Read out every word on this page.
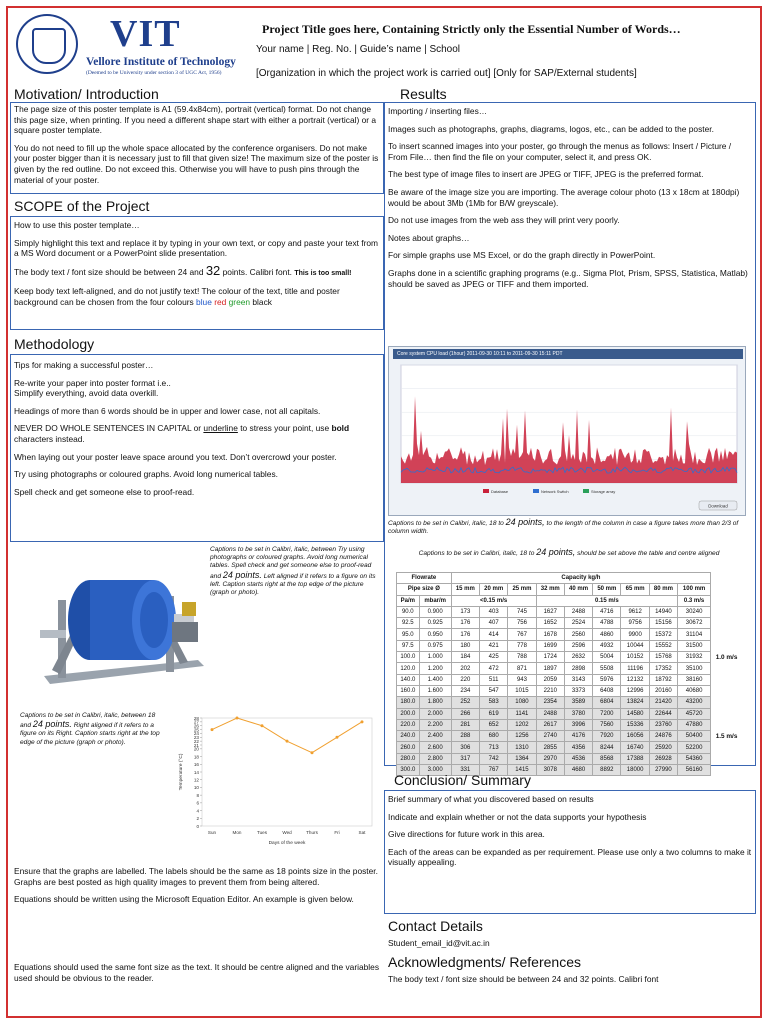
VIT
Vellore Institute of Technology
(Deemed to be University under section 3 of UGC Act, 1956)
Project Title goes here, Containing Strictly only the Essential Number of Words…
Your name | Reg. No. | Guide’s name | School
[Organization in which the project work is carried out] [Only for SAP/External students]
Motivation/ Introduction

The page size of this poster template is A1 (59.4x84cm), portrait (vertical) format. Do not change this page size, when printing. If you need a different shape start with either a portrait (vertical) or a square poster template.

You do not need to fill up the whole space allocated by the conference organisers. Do not make your poster bigger than it is necessary just to fill that given size! The maximum size of the poster is given by the red outline. Do not exceed this. Otherwise you will have to push pins through the material of your poster.

SCOPE of the Project

How to use this poster template…

Simply highlight this text and replace it by typing in your own text, or copy and paste your text from a MS Word document or a PowerPoint slide presentation.

The body text / font size should be between 24 and 32 points. Calibri font. This is too small!

Keep body text left-aligned, and do not justify text! The colour of the text, title and poster background can be chosen from the four colours blue red green black

Methodology

Tips for making a successful poster…

Re-write your paper into poster format i.e..
Simplify everything, avoid data overkill.

Headings of more than 6 words should be in upper and lower case, not all capitals.

NEVER DO WHOLE SENTENCES IN CAPITAL or underline to stress your point, use bold characters instead.

When laying out your poster leave space around you text. Don’t overcrowd your poster.

Try using photographs or coloured graphs. Avoid long numerical tables.

Spell check and get someone else to proof-read.

Captions to be set in Calibri, italic, between Try using photographs or coloured graphs. Avoid long numerical tables. Spell check and get someone else to proof-read and 24 points. Left aligned if it refers to a figure on its left. Caption starts right at the top edge of the picture (graph or photo).
Captions to be set in Calibri, italic, between 18 and 24 points. Right aligned if it refers to a figure on its Right. Caption starts right at the top edge of the picture (graph or photo).
0
2
4
6
8
10
12
14
16
18
20
21
22
23
24
25
26
27
28
Sun	Mon	Tues	Wed	Thurs	Fri	Sat
Days of the week
Temperature (°C)

Ensure that the graphs are labelled. The labels should be the same as 18 points size in the poster. Graphs are best posted as high quality images to prevent them from being altered.

Equations should be written using the Microsoft Equation Editor. An example is given below.

Equations should used the same font size as the text. It should be centre aligned and the variables used should be obvious to the reader.

Results

Importing / inserting files…

Images such as photographs, graphs, diagrams, logos, etc., can be added to the poster.

To insert scanned images into your poster, go through the menus as follows: Insert / Picture / From File… then find the file on your computer, select it, and press OK.

The best type of image files to insert are JPEG or TIFF, JPEG is the preferred format.

Be aware of the image size you are importing. The average colour photo (13 x 18cm at 180dpi) would be about 3Mb (1Mb for B/W greyscale).

Do not use images from the web ass they will print very poorly.

Notes about graphs…

For simple graphs use MS Excel, or do the graph directly in PowerPoint.

Graphs done in a scientific graphing programs (e.g.. Sigma Plot, Prism, SPSS, Statistica, Matlab) should be saved as JPEG or TIFF and them imported.

Core system CPU load (1hour) 2011-09-30 10:11 to 2011-09-30 15:11 PDT
Database	Network Switch	Storage array
Download
Captions to be set in Calibri, italic, 18 to 24 points, to the length of the column in case a figure takes more than 2/3 of column width.
Captions to be set in Calibri, italic, 18 to 24 points, should be set above the table and centre aligned
Flowrate		Capacity kg/h									
Pipe size Ø		15 mm	20 mm	25 mm	32 mm	40 mm	50 mm	65 mm	80 mm	100 mm	
Pa/m	mbar/m	<0.15 m/s			0.15 m/s					0.3 m/s	
90.0	0.900	173	403	745	1627	2488	4716	9612	14940	30240	
92.5	0.925	176	407	756	1652	2524	4788	9756	15156	30672	1.0 m/s
95.0	0.950	176	414	767	1678	2560	4860	9900	15372	31104	
97.5	0.975	180	421	778	1699	2596	4932	10044	15552	31500	
100.0	1.000	184	425	788	1724	2632	5004	10152	15768	31932	
120.0	1.200	202	472	871	1897	2898	5508	11196	17352	35100	
140.0	1.400	220	511	943	2059	3143	5976	12132	18792	38160	
160.0	1.600	234	547	1015	2210	3373	6408	12996	20160	40680	
180.0	1.800	252	583	1080	2354	3589	6804	13824	21420	43200	1.5 m/s
200.0	2.000	266	619	1141	2488	3780	7200	14580	22644	45720	
220.0	2.200	281	652	1202	2617	3996	7560	15336	23760	47880	
240.0	2.400	288	680	1256	2740	4176	7920	16056	24876	50400	
260.0	2.600	306	713	1310	2855	4356	8244	16740	25920	52200	
280.0	2.800	317	742	1364	2970	4536	8568	17388	26928	54360	
300.0	3.000	331	767	1415	3078	4680	8892	18000	27990	56160	
Conclusion/ Summary

Brief summary of what you discovered based on results

Indicate and explain whether or not the data supports your hypothesis

Give directions for future work in this area.

Each of the areas can be expanded as per requirement. Please use only a two columns to make it visually appealing.

Contact Details
Student_email_id@vit.ac.in
Acknowledgments/ References
The body text / font size should be between 24 and 32 points. Calibri font
